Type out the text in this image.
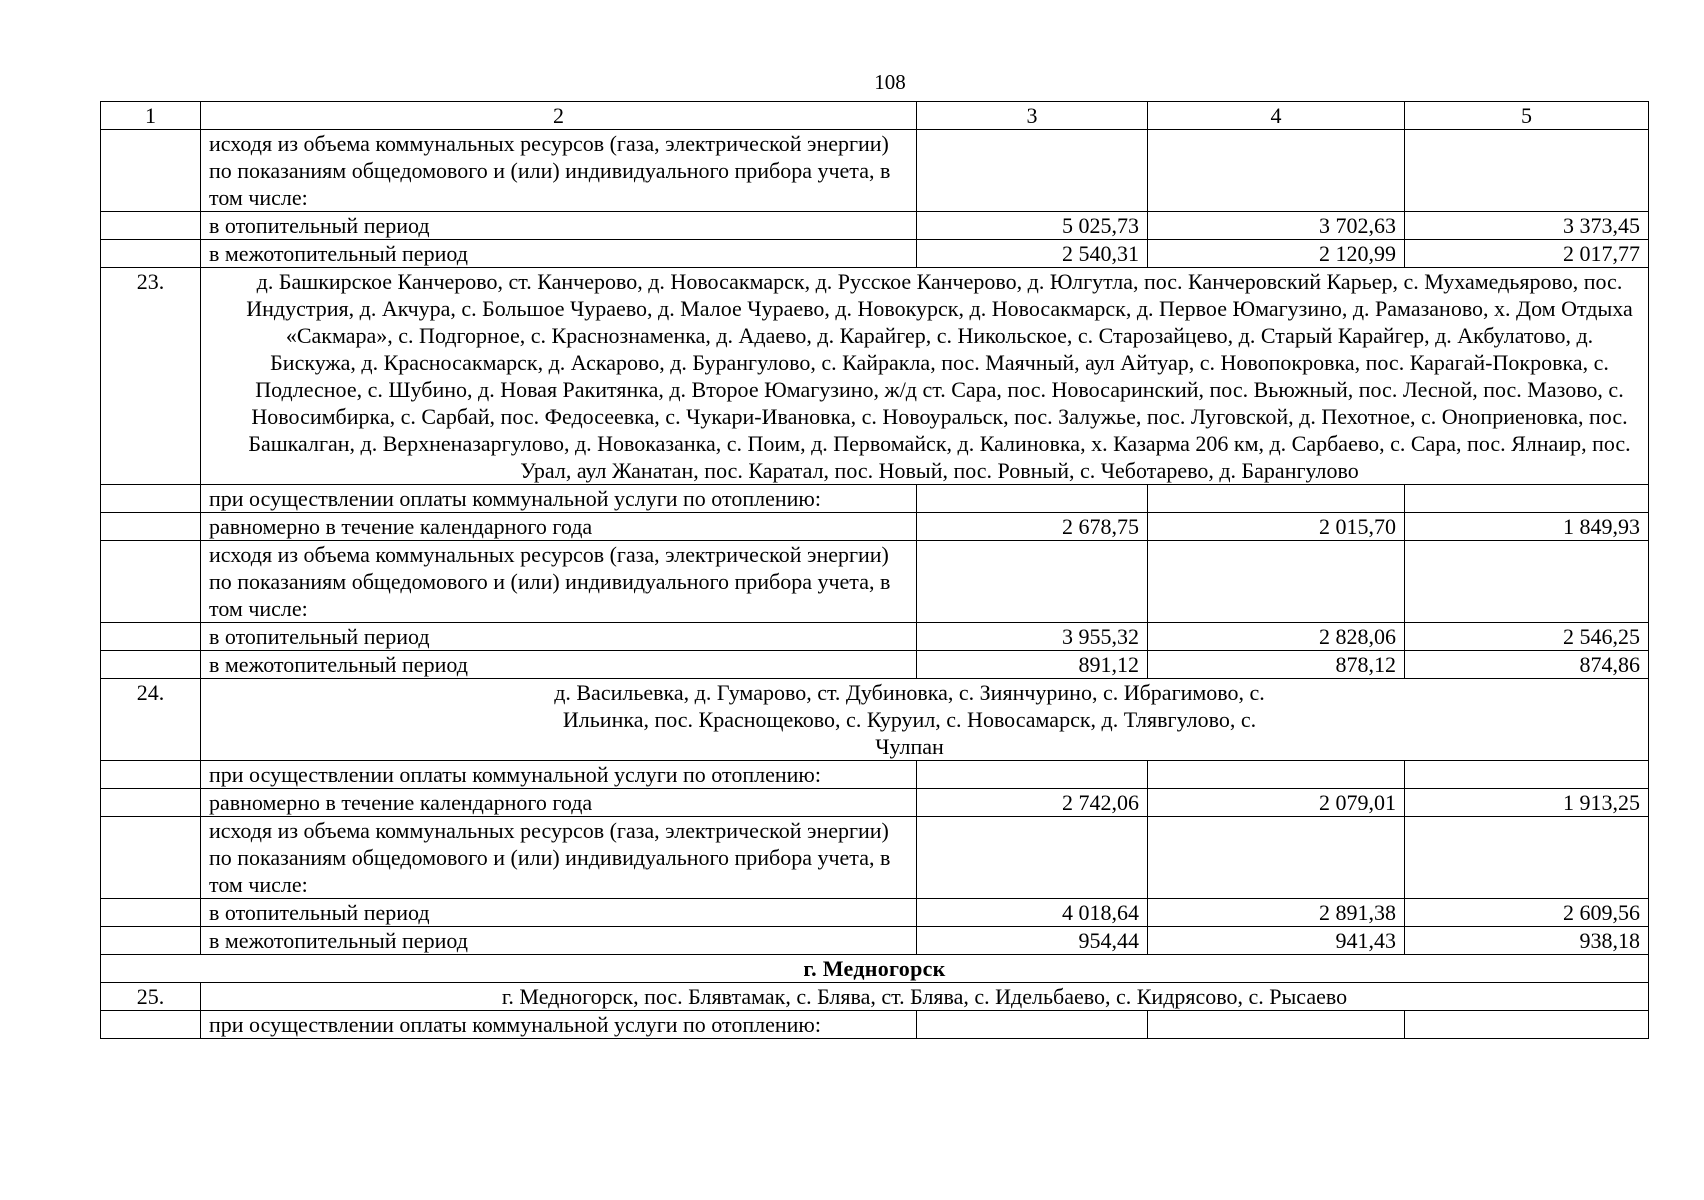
108
1	2	3	4	5
	исходя из объема коммунальных ресурсов (газа, электрической энергии) по показаниям общедомового и (или) индивидуального прибора учета, в том числе:			
	в отопительный период	5 025,73	3 702,63	3 373,45
	в межотопительный период	2 540,31	2 120,99	2 017,77
23.	д. Башкирское Канчерово, ст. Канчерово, д. Новосакмарск, д. Русское Канчерово, д. Юлгутла, пос. Канчеровский Карьер, с. Мухамедьярово, пос. Индустрия, д. Акчура, с. Большое Чураево, д. Малое Чураево, д. Новокурск, д. Новосакмарск, д. Первое Юмагузино, д. Рамазаново, х. Дом Отдыха «Сакмара», с. Подгорное, с. Краснознаменка, д. Адаево, д. Карайгер, с. Никольское, с. Старозайцево, д. Старый Карайгер, д. Акбулатово, д. Бискужа, д. Красносакмарск, д. Аскарово, д. Бурангулово, с. Кайракла, пос. Маячный, аул Айтуар, с. Новопокровка, пос. Карагай-Покровка, с. Подлесное, с. Шубино, д. Новая Ракитянка, д. Второе Юмагузино, ж/д ст. Сара, пос. Новосаринский, пос. Вьюжный, пос. Лесной, пос. Мазово, с. Новосимбирка, с. Сарбай, пос. Федосеевка, с. Чукари-Ивановка, с. Новоуральск, пос. Залужье, пос. Луговской, д. Пехотное, с. Оноприеновка, пос. Башкалган, д. Верхненазаргулово, д. Новоказанка, с. Поим, д. Первомайск, д. Калиновка, х. Казарма 206 км, д. Сарбаево, с. Сара, пос. Ялнаир, пос. Урал, аул Жанатан, пос. Каратал, пос. Новый, пос. Ровный, с. Чеботарево, д. Барангулово			
	при осуществлении оплаты коммунальной услуги по отоплению:			
	равномерно в течение календарного года	2 678,75	2 015,70	1 849,93
	исходя из объема коммунальных ресурсов (газа, электрической энергии) по показаниям общедомового и (или) индивидуального прибора учета, в том числе:			
	в отопительный период	3 955,32	2 828,06	2 546,25
	в межотопительный период	891,12	878,12	874,86
24.	д. Васильевка, д. Гумарово, ст. Дубиновка, с. Зиянчурино, с. Ибрагимово, с. Ильинка, пос. Краснощеково, с. Куруил, с. Новосамарск, д. Тлявгулово, с. Чулпан			
	при осуществлении оплаты коммунальной услуги по отоплению:			
	равномерно в течение календарного года	2 742,06	2 079,01	1 913,25
	исходя из объема коммунальных ресурсов (газа, электрической энергии) по показаниям общедомового и (или) индивидуального прибора учета, в том числе:			
	в отопительный период	4 018,64	2 891,38	2 609,56
	в межотопительный период	954,44	941,43	938,18
г. Медногорск				
25.	г. Медногорск, пос. Блявтамак, с. Блява, ст. Блява, с. Идельбаево, с. Кидрясово, с. Рысаево			
	при осуществлении оплаты коммунальной услуги по отоплению:			
